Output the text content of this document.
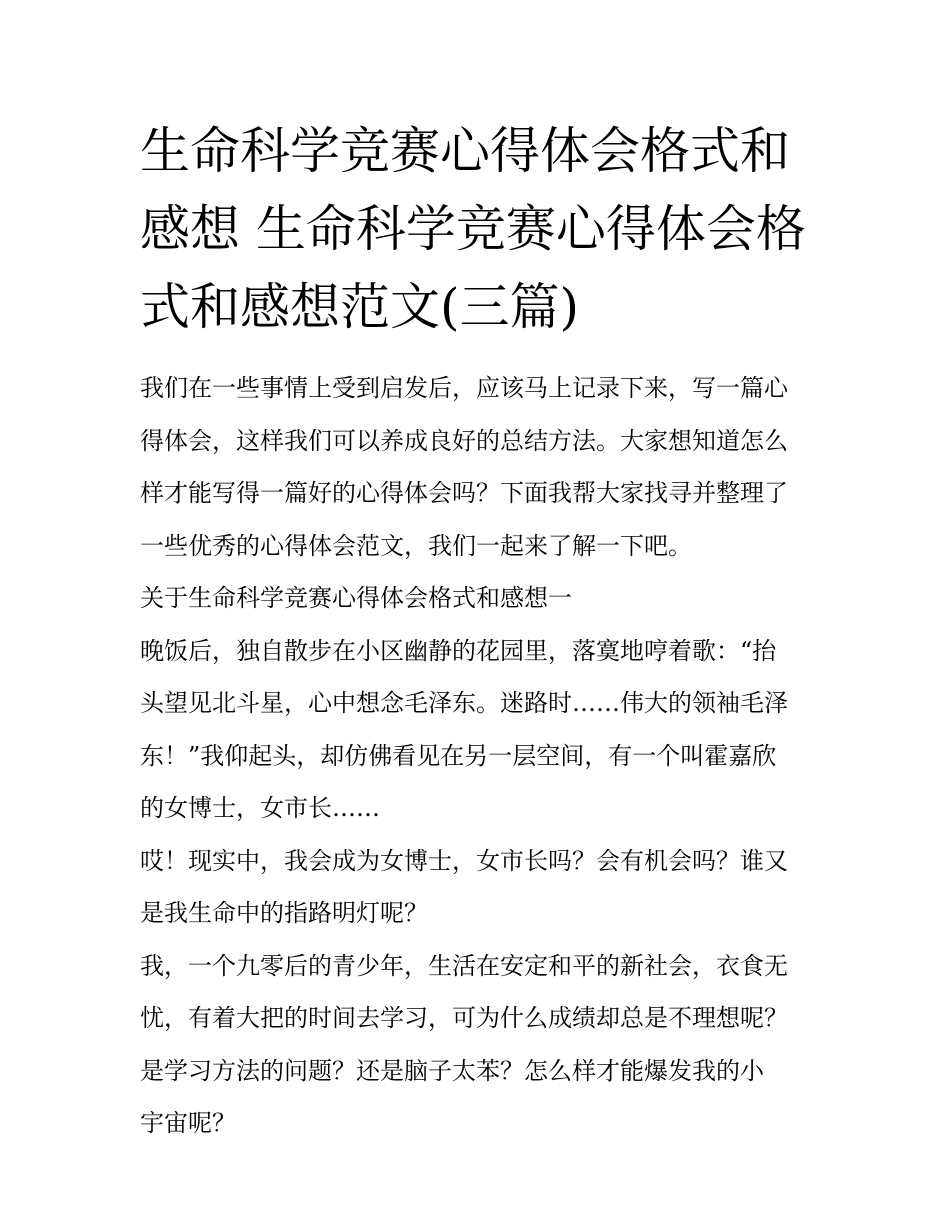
生命科学竞赛心得体会格式和
感想 生命科学竞赛心得体会格
式和感想范文(三篇)

我们在一些事情上受到启发后，应该马上记录下来，写一篇心
得体会，这样我们可以养成良好的总结方法。大家想知道怎么
样才能写得一篇好的心得体会吗？下面我帮大家找寻并整理了
一些优秀的心得体会范文，我们一起来了解一下吧。

关于生命科学竞赛心得体会格式和感想一

晚饭后，独自散步在小区幽静的花园里，落寞地哼着歌：“抬
头望见北斗星，心中想念毛泽东。迷路时……伟大的领袖毛泽
东！”我仰起头，却仿佛看见在另一层空间，有一个叫霍嘉欣
的女博士，女市长……

哎！现实中，我会成为女博士，女市长吗？会有机会吗？谁又
是我生命中的指路明灯呢？

我，一个九零后的青少年，生活在安定和平的新社会，衣食无
忧，有着大把的时间去学习，可为什么成绩却总是不理想呢？
是学习方法的问题？还是脑子太苯？怎么样才能爆发我的小
宇宙呢？
